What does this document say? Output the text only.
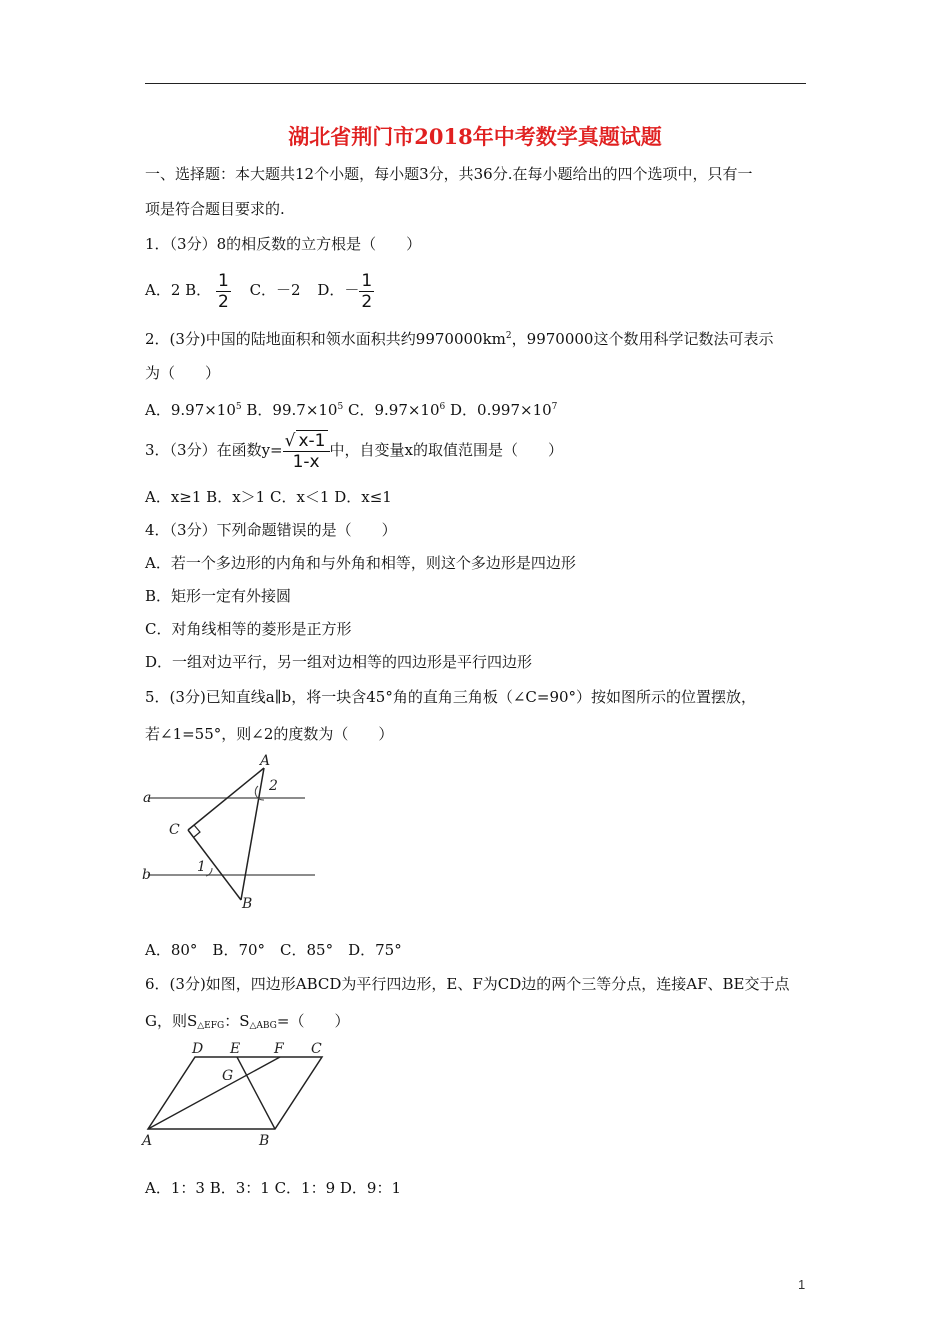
湖北省荆门市2018年中考数学真题试题
一、选择题：本大题共12个小题，每小题3分，共36分.在每小题给出的四个选项中，只有一
项是符合题目要求的.
1．（3分）8的相反数的立方根是（　　）
A．2 B． $\frac{1}{2}$ C．－2 D．－ $\frac{1}{2}$
2．(3分)中国的陆地面积和领水面积共约$9970000km^2$，9970000这个数用科学记数法可表示
为（　　）
A．$9.97\times 10^5$ B．$99.7\times 10^5$ C．$9.97\times 10^6$ D．$0.997\times 10^7$
3．（3分）在函数$y= \frac{√ x-1}{1-x}$ 中，自变量x的取值范围是（　　）
A．x≥1 B．x＞1 C．x＜1 D．x≤1
4．（3分）下列命题错误的是（　　）
A．若一个多边形的内角和与外角和相等，则这个多边形是四边形
B．矩形一定有外接圆
C．对角线相等的菱形是正方形
D．一组对边平行，另一组对边相等的四边形是平行四边形
5．(3分)已知直线a∥b，将一块含45°角的直角三角板（∠C=90°）按如图所示的位置摆放，
若∠1=55°，则∠2的度数为（　　）
a
b
A
B
C
1
2
A．80°　B．70°　C．85°　D．75°
6．(3分)如图，四边形ABCD为平行四边形，E、F为CD边的两个三等分点，连接AF、BE交于点
G，则$S_{\triangle EFG}$：$S_{\triangle ABG}=$（　　）
D E F C
G
A	B
A．1：3 B．3：1 C．1：9 D．9：1
1
